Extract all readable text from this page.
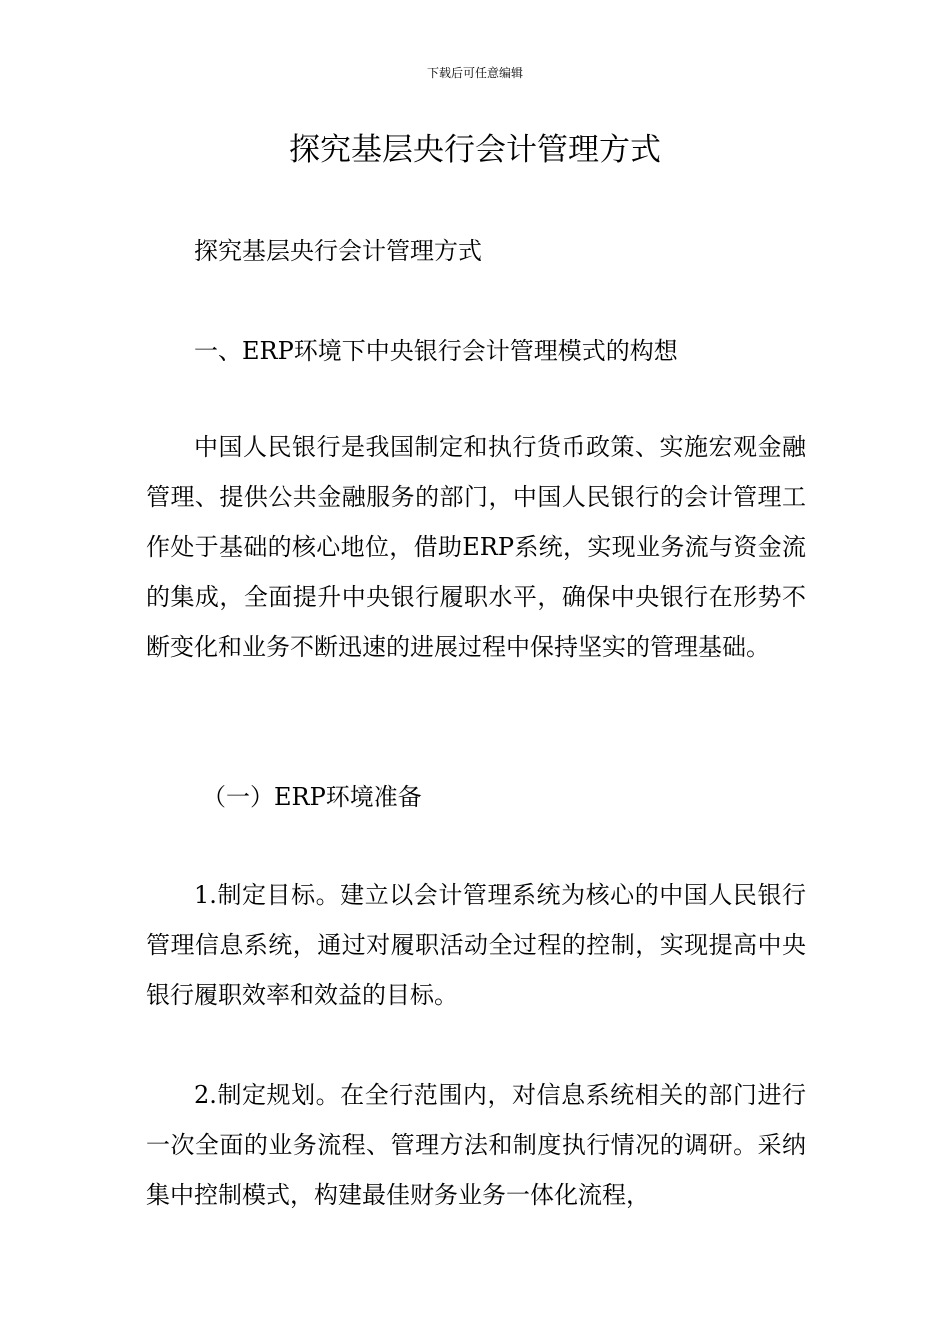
下载后可任意编辑
探究基层央行会计管理方式

探究基层央行会计管理方式

一、ERP环境下中央银行会计管理模式的构想

中国人民银行是我国制定和执行货币政策、实施宏观金融管理、提供公共金融服务的部门，中国人民银行的会计管理工作处于基础的核心地位，借助ERP系统，实现业务流与资金流的集成，全面提升中央银行履职水平，确保中央银行在形势不断变化和业务不断迅速的进展过程中保持坚实的管理基础。

（一）ERP环境准备

1.制定目标。建立以会计管理系统为核心的中国人民银行管理信息系统，通过对履职活动全过程的控制，实现提高中央银行履职效率和效益的目标。

2.制定规划。在全行范围内，对信息系统相关的部门进行一次全面的业务流程、管理方法和制度执行情况的调研。采纳集中控制模式，构建最佳财务业务一体化流程，
